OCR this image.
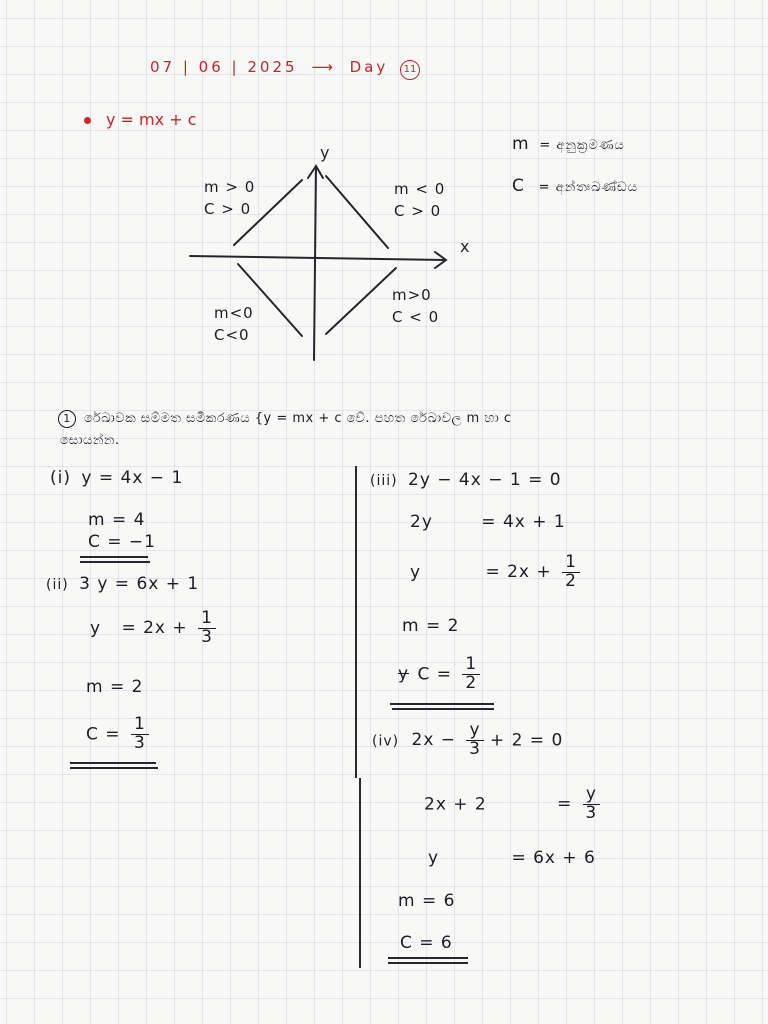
07 | 06 | 2025 ⟶ Day 11
y = mx + c
m = අනුක්‍රමණය
C = අන්තඃඛණ්ඩය
y
x
m > 0
C > 0
m < 0
C > 0
m<0
C<0
m>0
C < 0
1 රේඛාවක සම්මත සමීකරණය {y = mx + c වේ. පහත රේඛාවල m හා c
සොයන්න.
(i) y = 4x − 1
m = 4
C = −1
(ii) 3 y = 6x + 1
$y = 2x + \frac{1}{3}$
m = 2
$C = \frac{1}{3}$
(iii) 2y − 4x − 1 = 0
2y	= 4x + 1
y	= $2x + \frac{1}{2}$
m = 2
y $C = \frac{1}{2}$
(iv) $2x - \frac{y}{3} + 2 = 0$
2x + 2	= $\frac{y}{3}$
y	= 6x + 6
m = 6
C = 6
